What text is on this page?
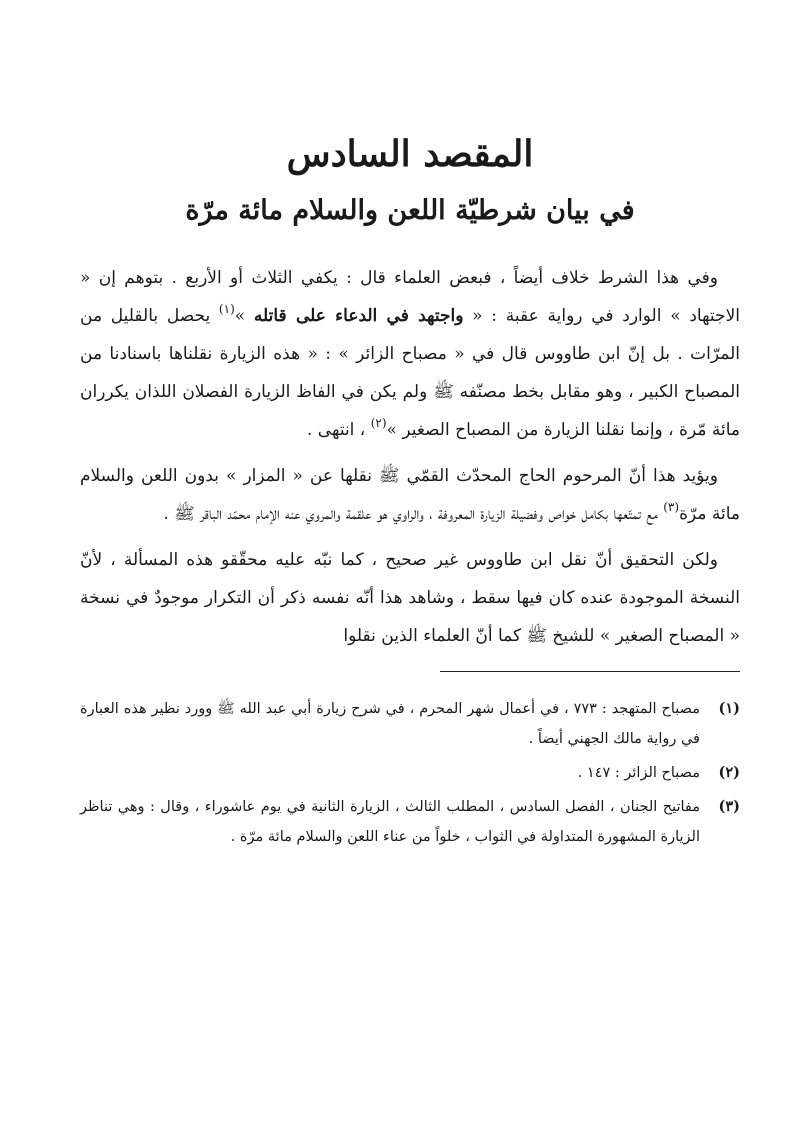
المقصد السادس
في بيان شرطيّة اللعن والسلام مائة مرّة

وفي هذا الشرط خلاف أيضاً ، فبعض العلماء قال : يكفي الثلاث أو الأربع . بتوهم إن « الاجتهاد » الوارد في رواية عقبة : « واجتهد في الدعاء على قاتله »$^{(١)}$ يحصل بالقليل من المرّات . بل إنّ ابن طاووس قال في « مصباح الزائر » : « هذه الزيارة نقلناها باسنادنا من المصباح الكبير ، وهو مقابل بخط مصنّفه ﷺ ولم يكن في الفاظ الزيارة الفصلان اللذان يكرران مائة مّرة ، وإنما نقلنا الزيارة من المصباح الصغير »$^{(٢)}$ ، انتهى .

ويؤيد هذا أنّ المرحوم الحاج المحدّث القمّي ﷺ نقلها عن « المزار » بدون اللعن والسلام مائة مرّة$^{(٣)}$ مع تمتّعها بكامل خواص وفضيلة الزيارة المعروفة ، والراوي هو علقمة والمروي عنه الإمام محمّد الباقر ﷺ .

ولكن التحقيق أنّ نقل ابن طاووس غير صحيح ، كما نبّه عليه محقّقو هذه المسألة ، لأنّ النسخة الموجودة عنده كان فيها سقط ، وشاهد هذا أنّه نفسه ذكر أن التكرار موجودٌ في نسخة « المصباح الصغير » للشيخ ﷺ كما أنّ العلماء الذين نقلوا

(١)
مصباح المتهجد : ٧٧٣ ، في أعمال شهر المحرم ، في شرح زيارة أبي عبد الله ﷺ وورد نظير هذه العبارة في رواية مالك الجهني أيضاً .
(٢)
مصباح الزائر : ١٤٧ .
(٣)
مفاتيح الجنان ، الفصل السادس ، المطلب الثالث ، الزيارة الثانية في يوم عاشوراء ، وقال : وهي تناظر الزيارة المشهورة المتداولة في الثواب ، خلواً من عناء اللعن والسلام مائة مرّة .
